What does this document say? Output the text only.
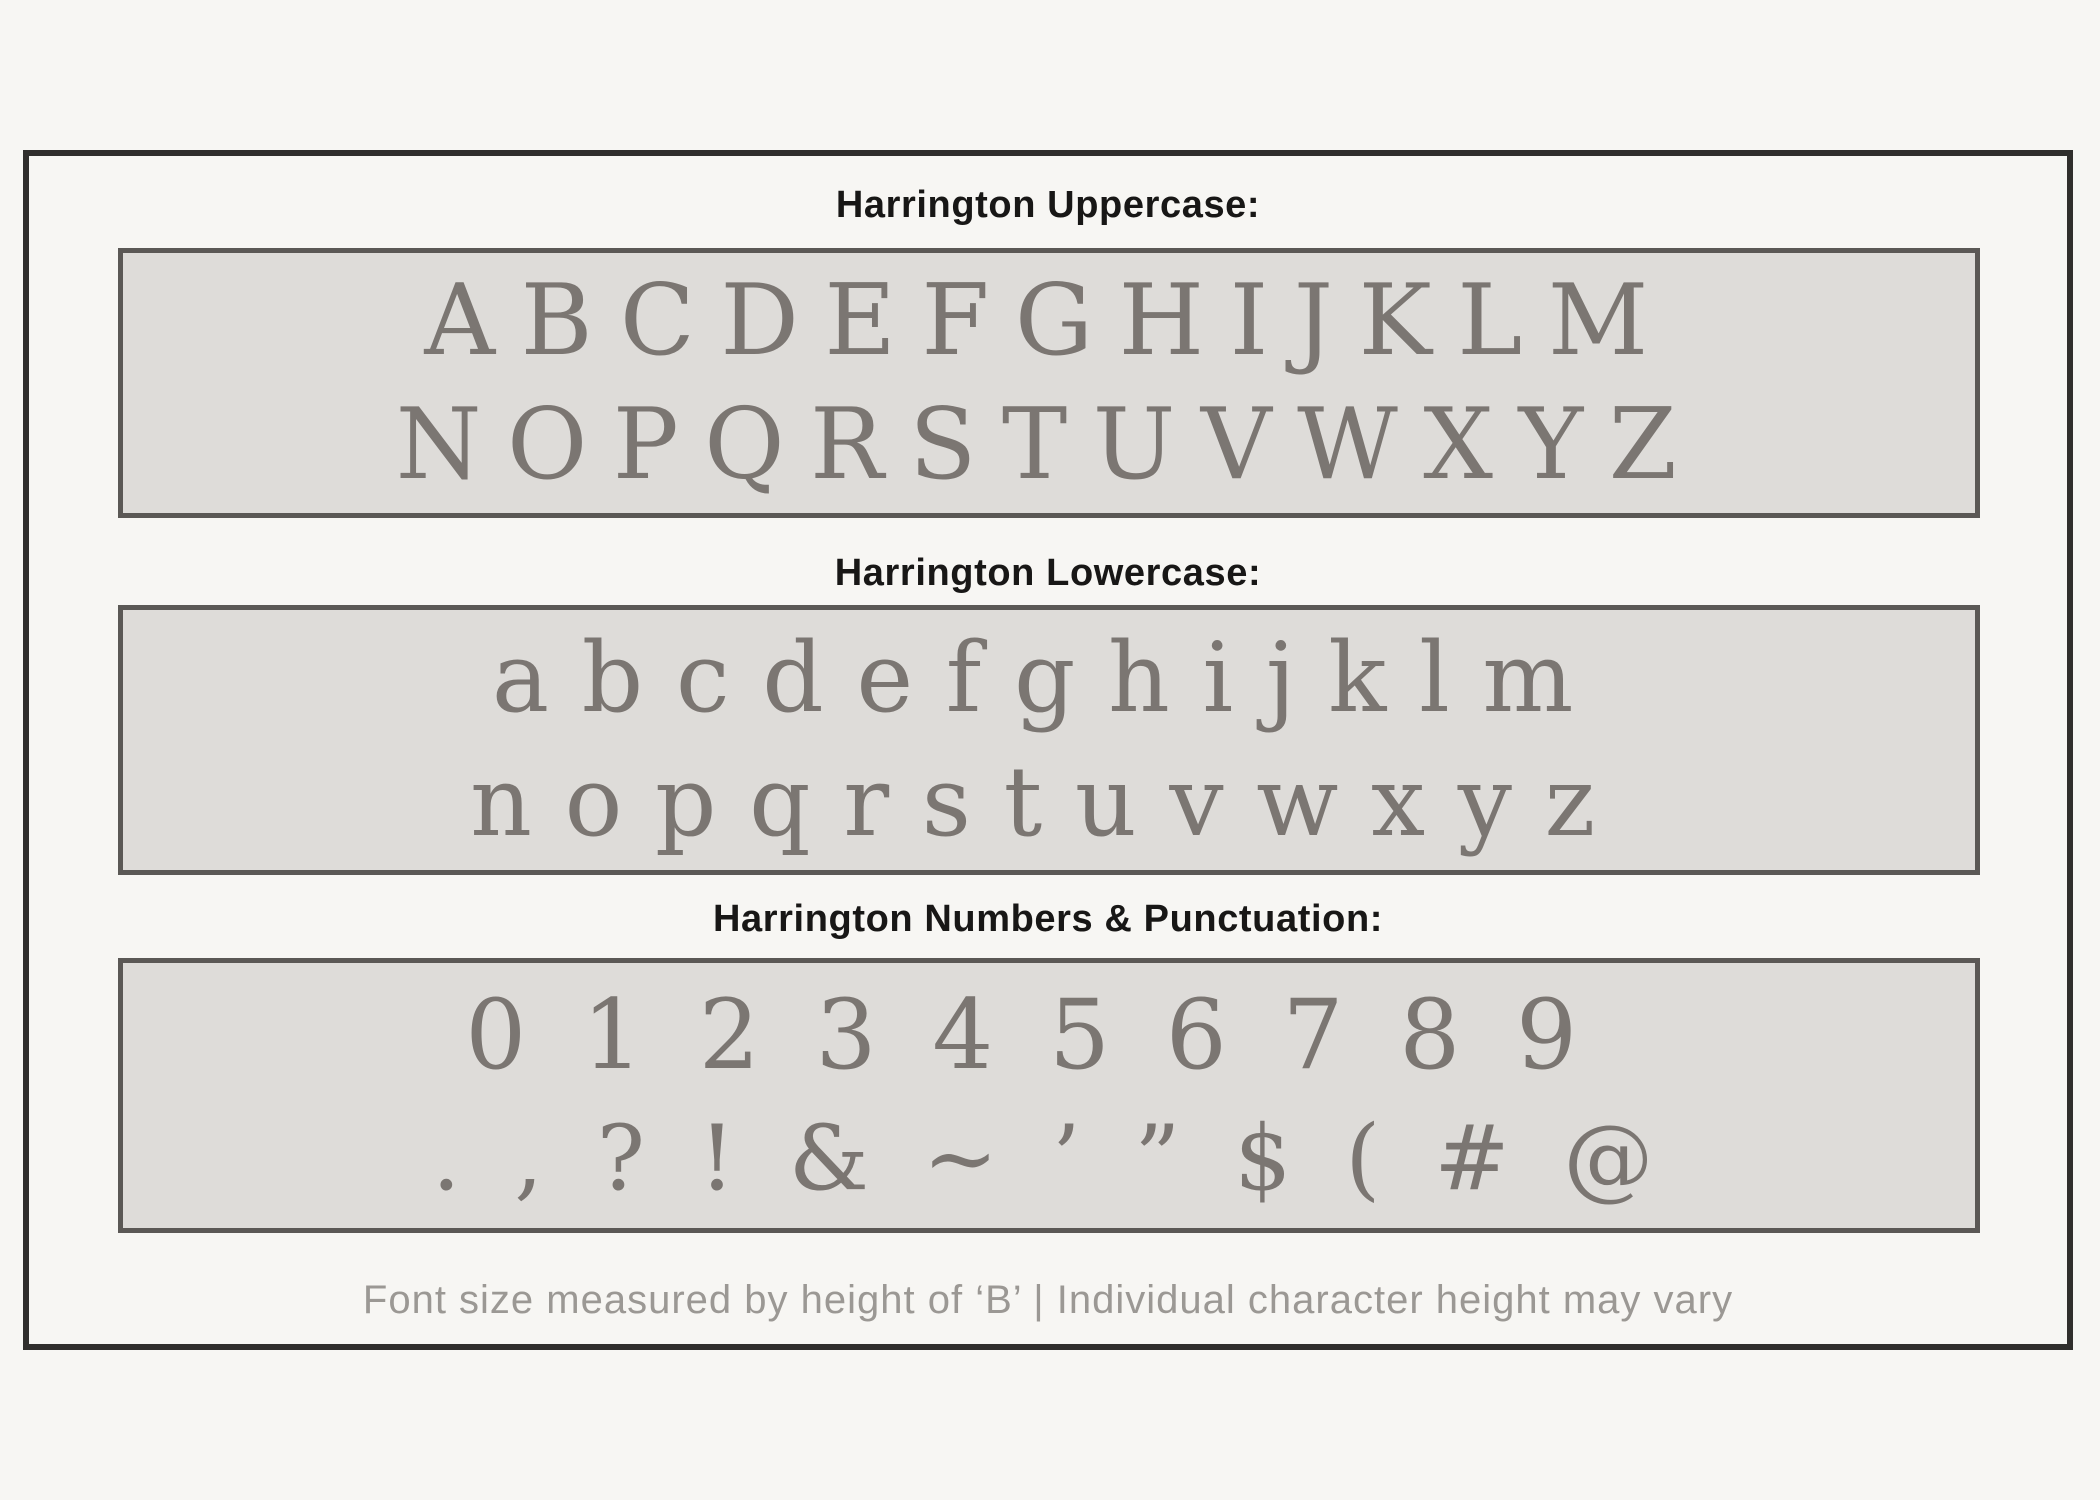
Harrington Uppercase:
ABCDEFGHIJKLM
NOPQRSTUVWXYZ
Harrington Lowercase:
abcdefghijklm
nopqrstuvwxyz
Harrington Numbers & Punctuation:
0123456789
. , ? ! & ~ ’ ” $ ( # @
Font size measured by height of ‘B’ | Individual character height may vary
